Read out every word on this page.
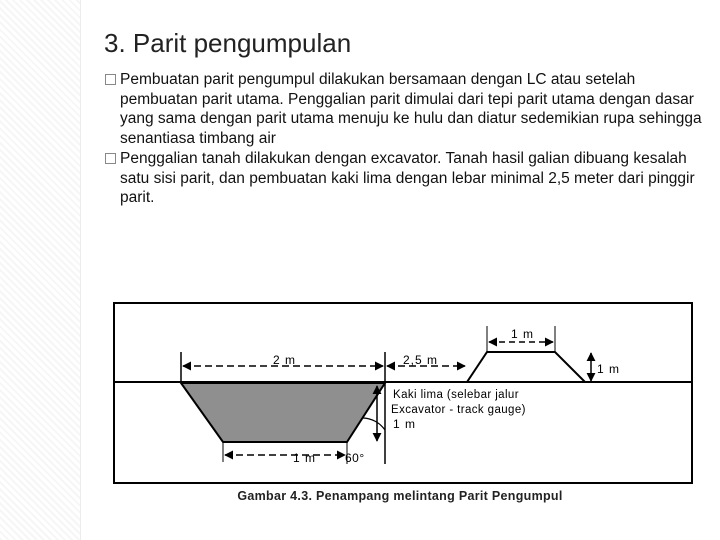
3. Parit pengumpulan
Pembuatan parit pengumpul dilakukan bersamaan dengan LC atau setelah pembuatan parit utama. Penggalian parit dimulai dari tepi parit utama dengan dasar yang sama dengan parit utama menuju ke hulu dan diatur sedemikian rupa sehingga senantiasa timbang air
Penggalian tanah dilakukan dengan excavator. Tanah hasil galian dibuang kesalah satu sisi parit, dan pembuatan kaki lima dengan lebar minimal 2,5 meter dari pinggir parit.
2 m	2,5 m
1 m
1 m
Kaki lima (selebar jalur
Excavator - track gauge)
1 m
1 m 60°
Gambar 4.3. Penampang melintang Parit Pengumpul
